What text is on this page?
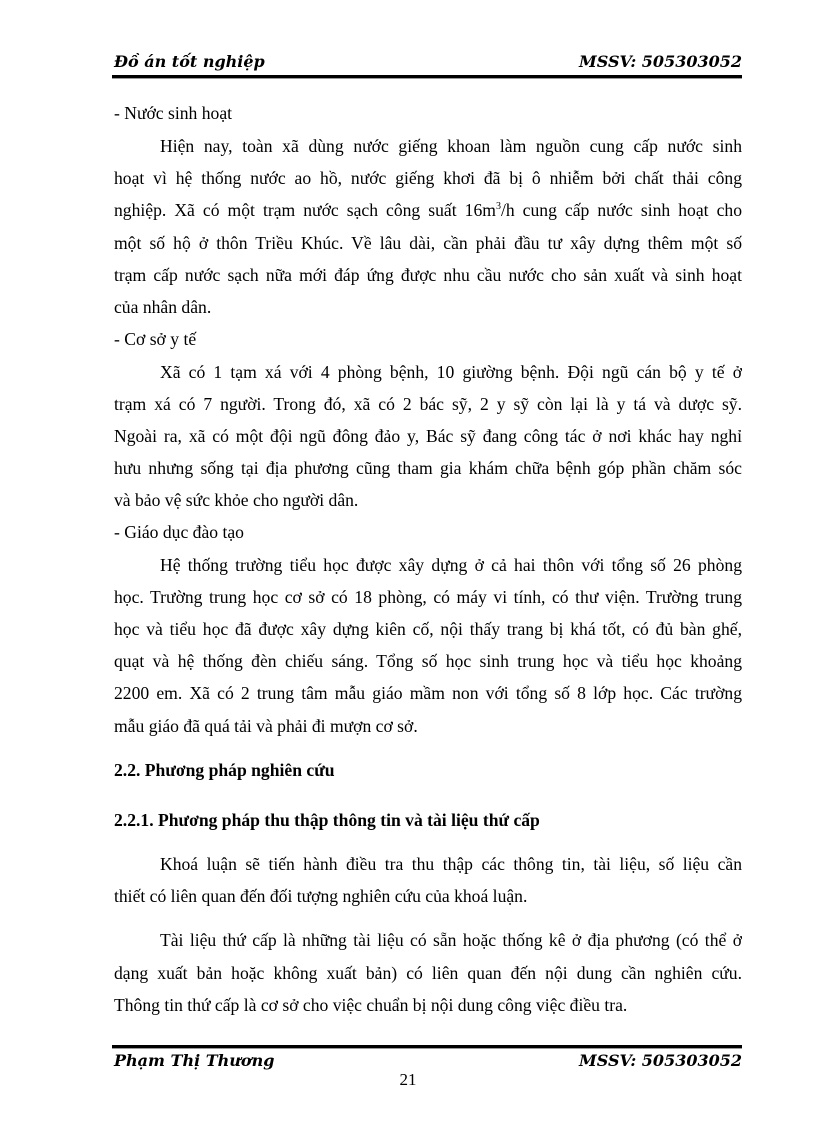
Đồ án tốt nghiệp	MSSV: 505303052
- Nước sinh hoạt
Hiện nay, toàn xã dùng nước giếng khoan làm nguồn cung cấp nước sinh
hoạt vì hệ thống nước ao hồ, nước giếng khơi đã bị ô nhiễm bởi chất thải công
nghiệp. Xã có một trạm nước sạch công suất $16m^3/h$ cung cấp nước sinh hoạt cho
một số hộ ở thôn Triều Khúc. Về lâu dài, cần phải đầu tư xây dựng thêm một số
trạm cấp nước sạch nữa mới đáp ứng được nhu cầu nước cho sản xuất và sinh hoạt
của nhân dân.
- Cơ sở y tế
Xã có 1 tạm xá với 4 phòng bệnh, 10 giường bệnh. Đội ngũ cán bộ y tế ở
trạm xá có 7 người. Trong đó, xã có 2 bác sỹ, 2 y sỹ còn lại là y tá và dược sỹ.
Ngoài ra, xã có một đội ngũ đông đảo y, Bác sỹ đang công tác ở nơi khác hay nghỉ
hưu nhưng sống tại địa phương cũng tham gia khám chữa bệnh góp phần chăm sóc
và bảo vệ sức khỏe cho người dân.
- Giáo dục đào tạo
Hệ thống trường tiểu học được xây dựng ở cả hai thôn với tổng số 26 phòng
học. Trường trung học cơ sở có 18 phòng, có máy vi tính, có thư viện. Trường trung
học và tiểu học đã được xây dựng kiên cố, nội thấy trang bị khá tốt, có đủ bàn ghế,
quạt và hệ thống đèn chiếu sáng. Tổng số học sinh trung học và tiểu học khoảng
2200 em. Xã có 2 trung tâm mẫu giáo mầm non với tổng số 8 lớp học. Các trường
mẫu giáo đã quá tải và phải đi mượn cơ sở.
2.2. Phương pháp nghiên cứu
2.2.1. Phương pháp thu thập thông tin và tài liệu thứ cấp
Khoá luận sẽ tiến hành điều tra thu thập các thông tin, tài liệu, số liệu cần
thiết có liên quan đến đối tượng nghiên cứu của khoá luận.
Tài liệu thứ cấp là những tài liệu có sẵn hoặc thống kê ở địa phương (có thể ở
dạng xuất bản hoặc không xuất bản) có liên quan đến nội dung cần nghiên cứu.
Thông tin thứ cấp là cơ sở cho việc chuẩn bị nội dung công việc điều tra.
Phạm Thị Thương	MSSV: 505303052
21
